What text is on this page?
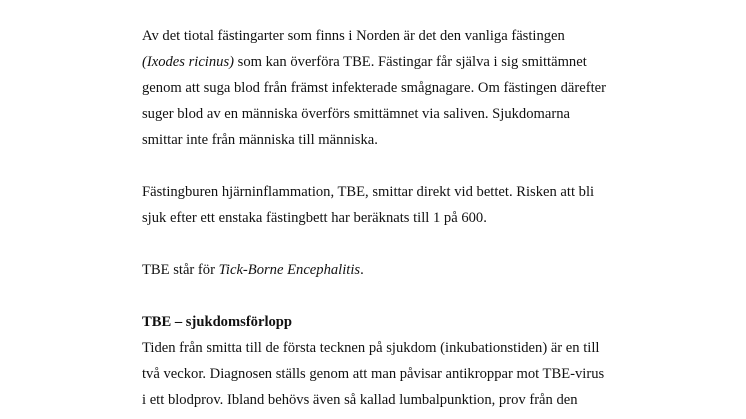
Av det tiotal fästingarter som finns i Norden är det den vanliga fästingen
(Ixodes ricinus) som kan överföra TBE. Fästingar får själva i sig smittämnet
genom att suga blod från främst infekterade smågnagare. Om fästingen därefter
suger blod av en människa överförs smittämnet via saliven. Sjukdomarna
smittar inte från människa till människa.

Fästingburen hjärninflammation, TBE, smittar direkt vid bettet. Risken att bli
sjuk efter ett enstaka fästingbett har beräknats till 1 på 600.

TBE står för Tick-Borne Encephalitis.

TBE – sjukdomsförlopp

Tiden från smitta till de första tecknen på sjukdom (inkubationstiden) är en till
två veckor. Diagnosen ställs genom att man påvisar antikroppar mot TBE-virus
i ett blodprov. Ibland behövs även så kallad lumbalpunktion, prov från den
